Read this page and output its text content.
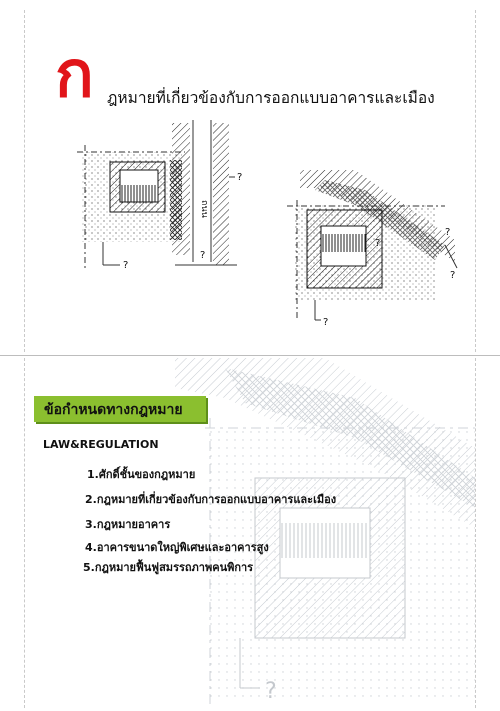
ก ฎหมายที่เกี่ยวข้องกับการออกแบบอาคารและเมือง
ถนน
?
?
?
?
?
?
?
?
ข้อกำหนดทางกฎหมาย
LAW&REGULATION
1.ศักดิ์ชั้นของกฎหมาย
2.กฎหมายที่เกี่ยวข้องกับการออกแบบอาคารและเมือง
3.กฎหมายอาคาร
4.อาคารขนาดใหญ่พิเศษและอาคารสูง
5.กฎหมายฟื้นฟูสมรรถภาพคนพิการ
